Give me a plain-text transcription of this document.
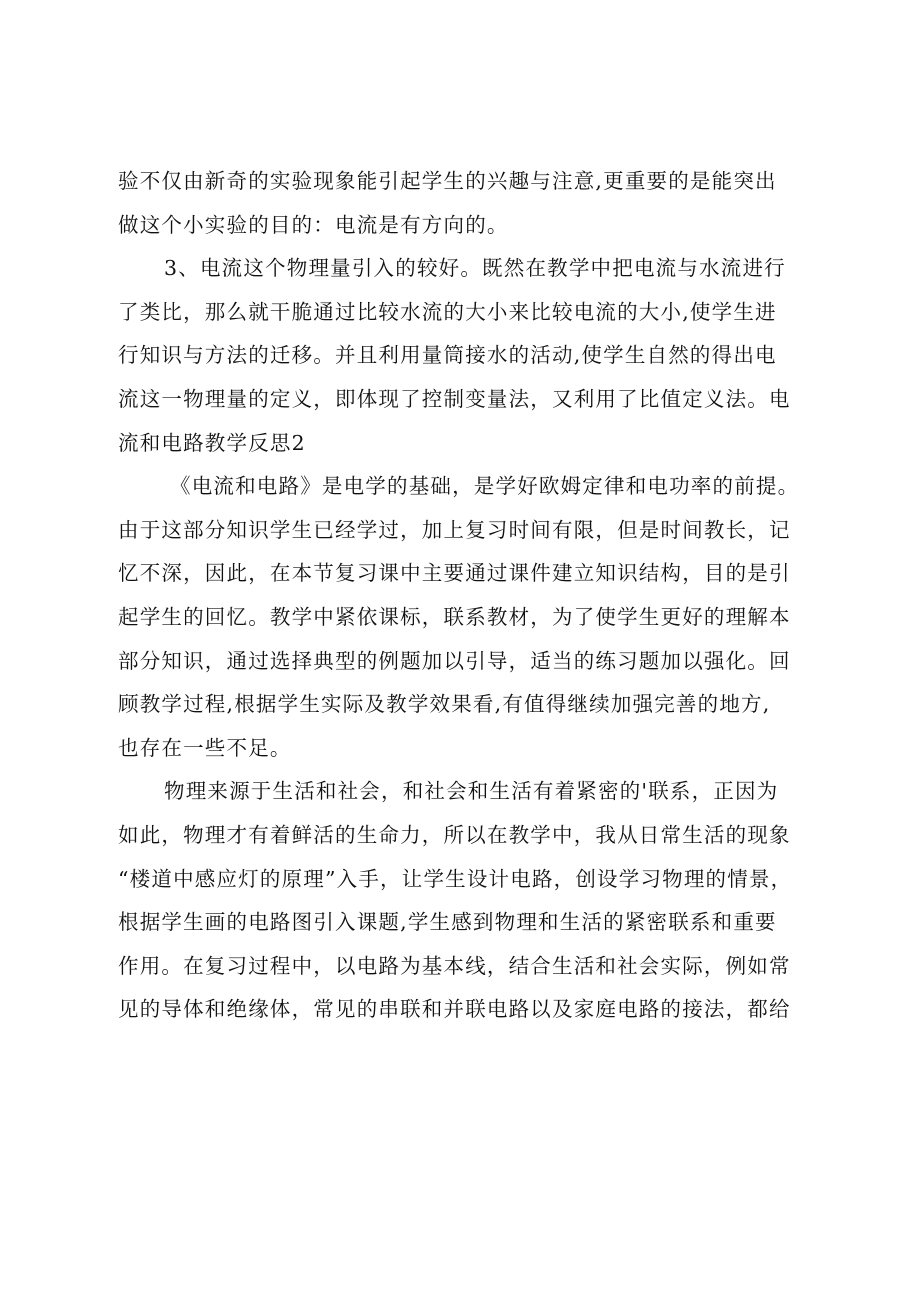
验不仅由新奇的实验现象能引起学生的兴趣与注意,更重要的是能突出
做这个小实验的目的：电流是有方向的。

3、电流这个物理量引入的较好。既然在教学中把电流与水流进行
了类比，那么就干脆通过比较水流的大小来比较电流的大小,使学生进
行知识与方法的迁移。并且利用量筒接水的活动,使学生自然的得出电
流这一物理量的定义，即体现了控制变量法，又利用了比值定义法。电
流和电路教学反思2

《电流和电路》是电学的基础，是学好欧姆定律和电功率的前提。
由于这部分知识学生已经学过，加上复习时间有限，但是时间教长，记
忆不深，因此，在本节复习课中主要通过课件建立知识结构，目的是引
起学生的回忆。教学中紧依课标，联系教材，为了使学生更好的理解本
部分知识，通过选择典型的例题加以引导，适当的练习题加以强化。回
顾教学过程,根据学生实际及教学效果看,有值得继续加强完善的地方,
也存在一些不足。

物理来源于生活和社会，和社会和生活有着紧密的'联系，正因为
如此，物理才有着鲜活的生命力，所以在教学中，我从日常生活的现象
“楼道中感应灯的原理”入手，让学生设计电路，创设学习物理的情景，
根据学生画的电路图引入课题,学生感到物理和生活的紧密联系和重要
作用。在复习过程中，以电路为基本线，结合生活和社会实际，例如常
见的导体和绝缘体，常见的串联和并联电路以及家庭电路的接法，都给
